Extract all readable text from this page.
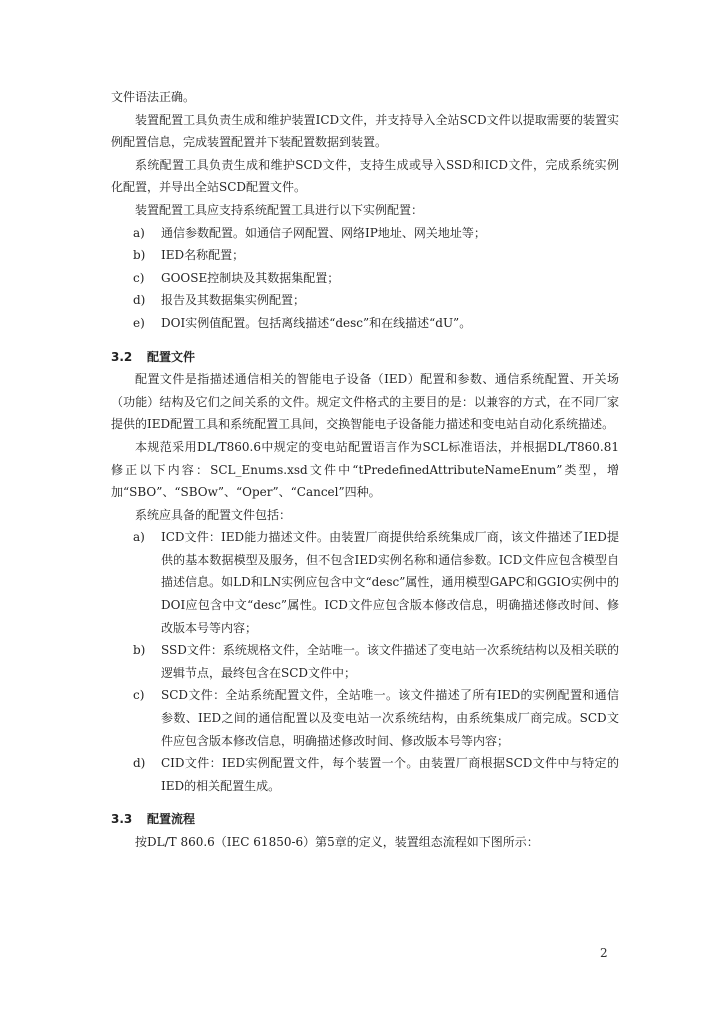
文件语法正确。

装置配置工具负责生成和维护装置ICD文件，并支持导入全站SCD文件以提取需要的装置实例配置信息，完成装置配置并下装配置数据到装置。

系统配置工具负责生成和维护SCD文件，支持生成或导入SSD和ICD文件，完成系统实例化配置，并导出全站SCD配置文件。

装置配置工具应支持系统配置工具进行以下实例配置：

a)	通信参数配置。如通信子网配置、网络IP地址、网关地址等；
b)	IED名称配置；
c)	GOOSE控制块及其数据集配置；
d)	报告及其数据集实例配置；
e)	DOI实例值配置。包括离线描述“desc”和在线描述“dU”。
3.2	配置文件

配置文件是指描述通信相关的智能电子设备（IED）配置和参数、通信系统配置、开关场（功能）结构及它们之间关系的文件。规定文件格式的主要目的是：以兼容的方式，在不同厂家提供的IED配置工具和系统配置工具间，交换智能电子设备能力描述和变电站自动化系统描述。

本规范采用DL/T860.6中规定的变电站配置语言作为SCL标准语法，并根据DL/T860.81修正以下内容：SCL_Enums.xsd文件中“tPredefinedAttributeNameEnum”类型，增加“SBO”、“SBOw”、“Oper”、“Cancel”四种。

系统应具备的配置文件包括：

a)	ICD文件：IED能力描述文件。由装置厂商提供给系统集成厂商，该文件描述了IED提供的基本数据模型及服务，但不包含IED实例名称和通信参数。ICD文件应包含模型自描述信息。如LD和LN实例应包含中文“desc”属性，通用模型GAPC和GGIO实例中的DOI应包含中文“desc”属性。ICD文件应包含版本修改信息，明确描述修改时间、修改版本号等内容；
b)	SSD文件：系统规格文件，全站唯一。该文件描述了变电站一次系统结构以及相关联的逻辑节点，最终包含在SCD文件中；
c)	SCD文件：全站系统配置文件，全站唯一。该文件描述了所有IED的实例配置和通信参数、IED之间的通信配置以及变电站一次系统结构，由系统集成厂商完成。SCD文件应包含版本修改信息，明确描述修改时间、修改版本号等内容；
d)	CID文件：IED实例配置文件，每个装置一个。由装置厂商根据SCD文件中与特定的IED的相关配置生成。
3.3	配置流程

按DL/T 860.6（IEC 61850-6）第5章的定义，装置组态流程如下图所示：

2
